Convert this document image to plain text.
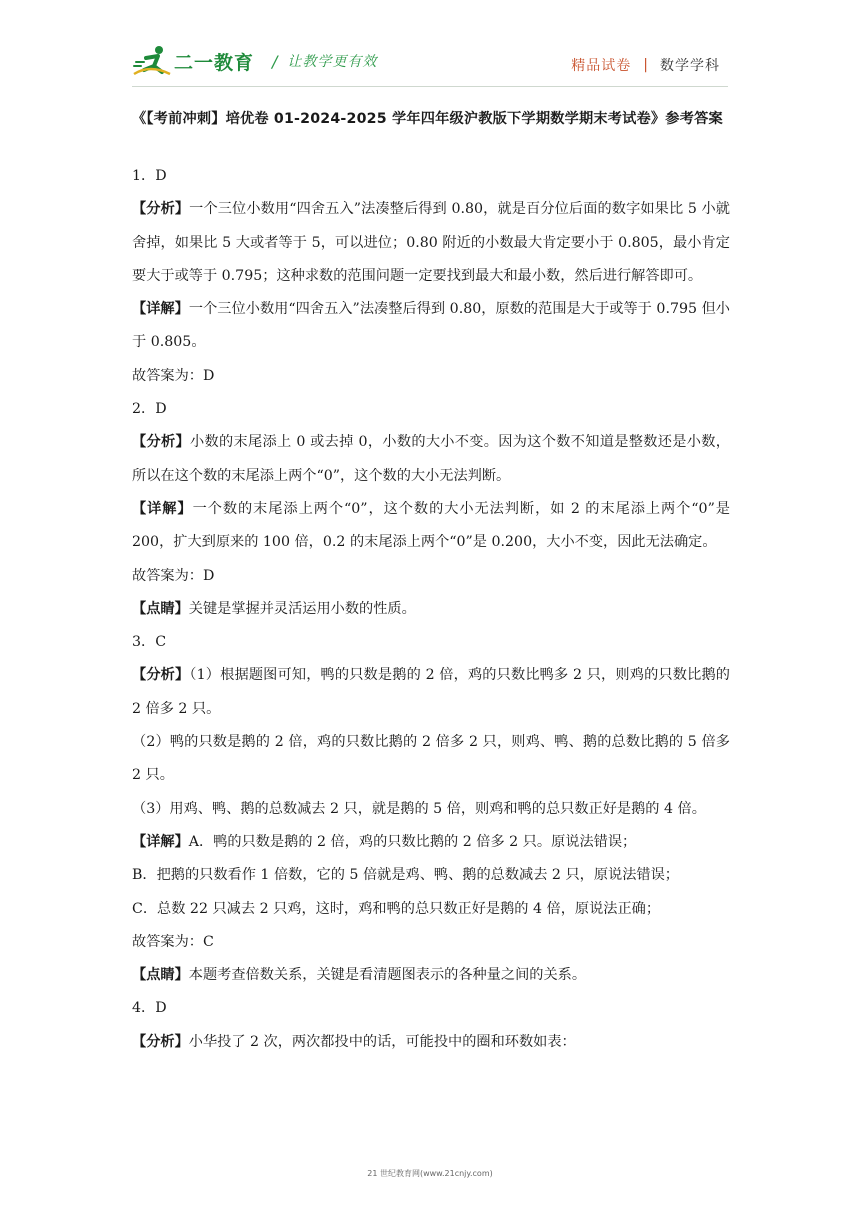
二一教育 / 让教学更有效	精品试卷 | 数学学科
《【考前冲刺】培优卷 01-2024-2025 学年四年级沪教版下学期数学期末考试卷》参考答案

1．D

【分析】一个三位小数用“四舍五入”法凑整后得到 0.80，就是百分位后面的数字如果比 5 小就舍掉，如果比 5 大或者等于 5，可以进位；0.80 附近的小数最大肯定要小于 0.805，最小肯定要大于或等于 0.795；这种求数的范围问题一定要找到最大和最小数，然后进行解答即可。

【详解】一个三位小数用“四舍五入”法凑整后得到 0.80，原数的范围是大于或等于 0.795 但小于 0.805。

故答案为：D

2．D

【分析】小数的末尾添上 0 或去掉 0，小数的大小不变。因为这个数不知道是整数还是小数，所以在这个数的末尾添上两个“0”，这个数的大小无法判断。

【详解】一个数的末尾添上两个“0”，这个数的大小无法判断，如 2 的末尾添上两个“0”是 200，扩大到原来的 100 倍，0.2 的末尾添上两个“0”是 0.200，大小不变，因此无法确定。

故答案为：D

【点睛】关键是掌握并灵活运用小数的性质。

3．C

【分析】（1）根据题图可知，鸭的只数是鹅的 2 倍，鸡的只数比鸭多 2 只，则鸡的只数比鹅的 2 倍多 2 只。

（2）鸭的只数是鹅的 2 倍，鸡的只数比鹅的 2 倍多 2 只，则鸡、鸭、鹅的总数比鹅的 5 倍多 2 只。

（3）用鸡、鸭、鹅的总数减去 2 只，就是鹅的 5 倍，则鸡和鸭的总只数正好是鹅的 4 倍。

【详解】A．鸭的只数是鹅的 2 倍，鸡的只数比鹅的 2 倍多 2 只。原说法错误；

B．把鹅的只数看作 1 倍数，它的 5 倍就是鸡、鸭、鹅的总数减去 2 只，原说法错误；

C．总数 22 只减去 2 只鸡，这时，鸡和鸭的总只数正好是鹅的 4 倍，原说法正确；

故答案为：C

【点睛】本题考查倍数关系，关键是看清题图表示的各种量之间的关系。

4．D

【分析】小华投了 2 次，两次都投中的话，可能投中的圈和环数如表：

21 世纪教育网(www.21cnjy.com)
